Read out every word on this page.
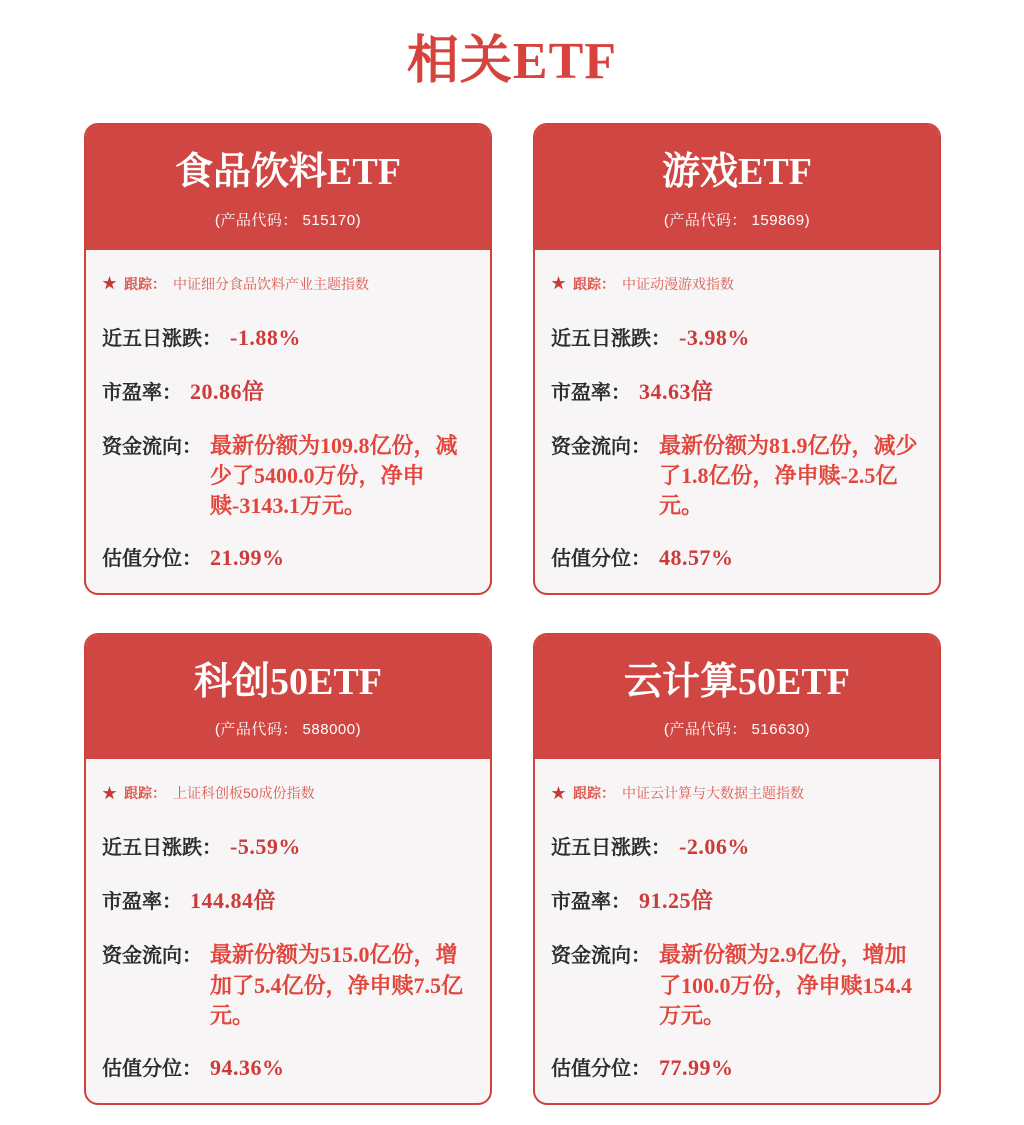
相关ETF
食品饮料ETF
(产品代码： 515170)
★ 跟踪： 中证细分食品饮料产业主题指数
近五日涨跌： -1.88%
市盈率： 20.86倍
资金流向： 最新份额为109.8亿份，减少了5400.0万份，净申赎-3143.1万元。
估值分位： 21.99%
游戏ETF
(产品代码： 159869)
★ 跟踪： 中证动漫游戏指数
近五日涨跌： -3.98%
市盈率： 34.63倍
资金流向： 最新份额为81.9亿份，减少了1.8亿份，净申赎-2.5亿元。
估值分位： 48.57%
科创50ETF
(产品代码： 588000)
★ 跟踪： 上证科创板50成份指数
近五日涨跌： -5.59%
市盈率： 144.84倍
资金流向： 最新份额为515.0亿份，增加了5.4亿份，净申赎7.5亿元。
估值分位： 94.36%
云计算50ETF
(产品代码： 516630)
★ 跟踪： 中证云计算与大数据主题指数
近五日涨跌： -2.06%
市盈率： 91.25倍
资金流向： 最新份额为2.9亿份，增加了100.0万份，净申赎154.4万元。
估值分位： 77.99%
